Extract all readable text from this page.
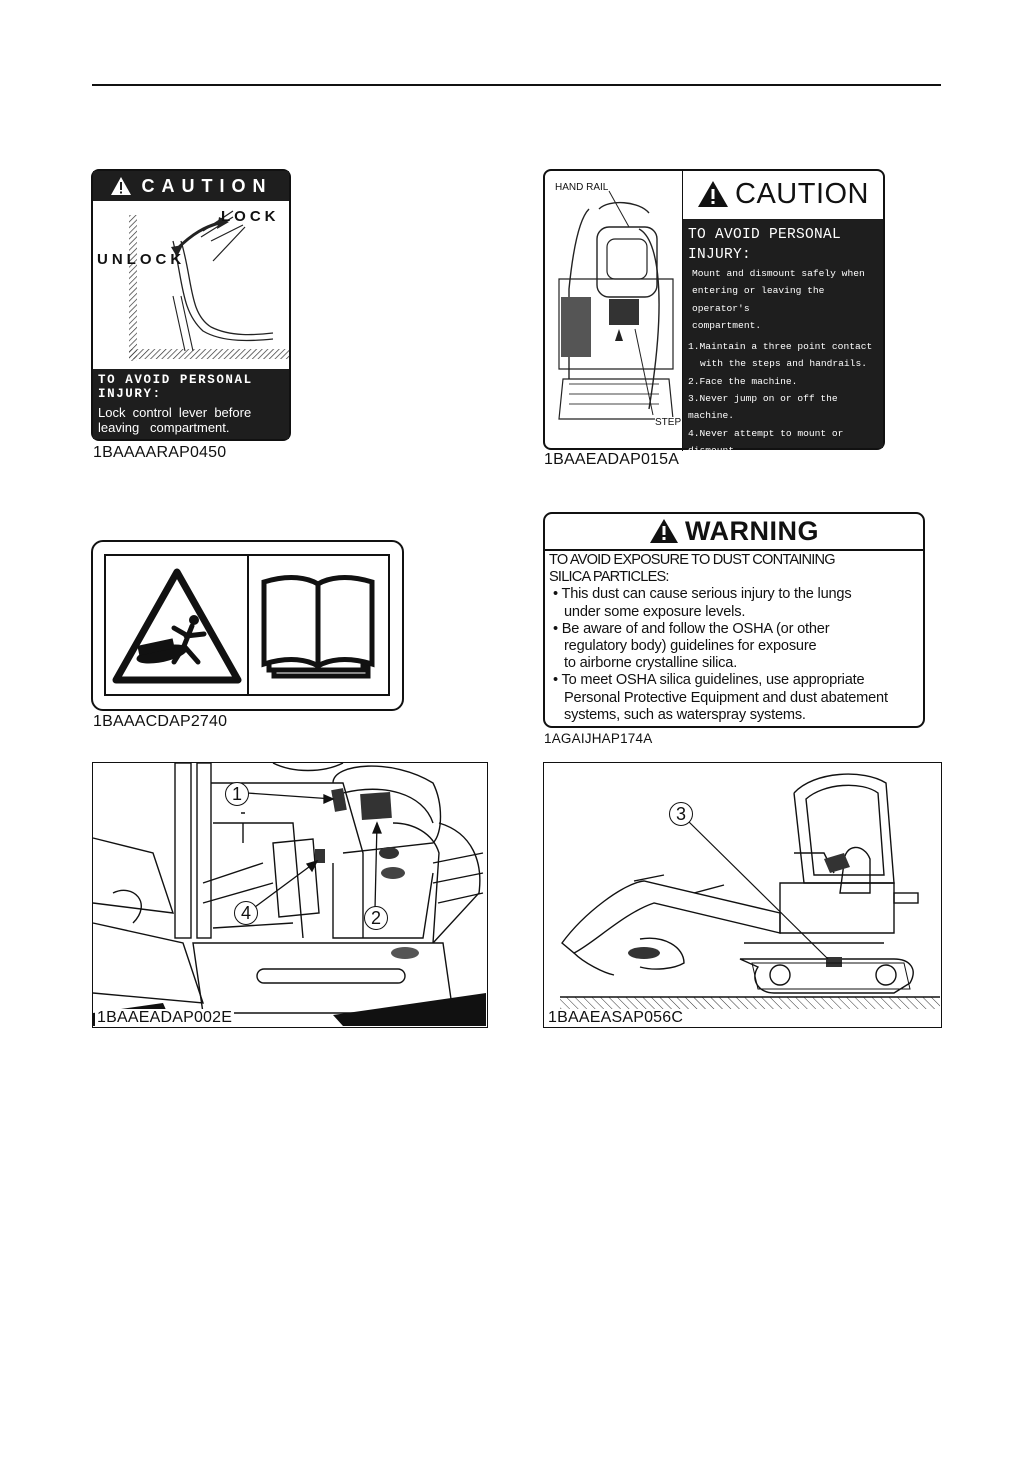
CAUTION
LOCK
UNLOCK
TO AVOID PERSONAL INJURY:
Lock  control  lever  before
leaving   compartment.
1BAAAARAP0450
HAND RAIL
STEP
CAUTION
TO AVOID PERSONAL INJURY:
Mount and dismount safely when
entering or leaving the operator's
compartment.
1.Maintain a three point contact
with the steps and handrails.
2.Face the machine.
3.Never jump on or off the machine.
4.Never attempt to mount or dismount
a moving machine.
5.Never use control levers as
handles.
1BAAEADAP015A
1BAAACDAP2740
WARNING
TO AVOID EXPOSURE TO DUST CONTAINING
SILICA PARTICLES:
• This dust can cause serious injury to the lungs
under some exposure levels.
• Be aware of and follow the OSHA (or other
regulatory body) guidelines for exposure
to airborne crystalline silica.
• To meet OSHA silica guidelines, use appropriate
Personal Protective Equipment and dust abatement
systems, such as waterspray systems.
1AGAIJHAP174A
1
2
4
1BAAEADAP002E
3
1BAAEASAP056C
